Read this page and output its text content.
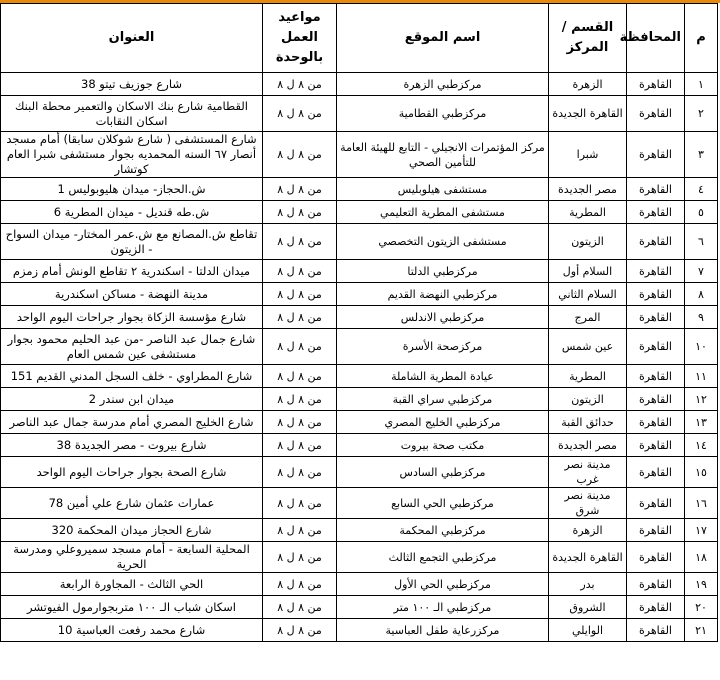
م	المحافظة	القسم / المركز	اسم الموقع	مواعيد العمل بالوحدة	العنوان
١	القاهرة	الزهرة	مركزطبي الزهرة	من ٨ ل ٨	شارع جوزيف تيتو 38
٢	القاهرة	القاهرة الجديدة	مركزطبي القطامية	من ٨ ل ٨	القطامية شارع بنك الاسكان والتعمير محطة البنك اسكان النقابات
٣	القاهرة	شبرا	مركز المؤتمرات الانجيلي - التابع للهيئة العامة للتأمين الصحي	من ٨ ل ٨	شارع المستشفى ( شارع شوكلان سابقا) أمام مسجد أنصار ٦٧ السنه المحمديه بجوار مستشفى شبرا العام كوتشار
٤	القاهرة	مصر الجديدة	مستشفى هيلوبليس	من ٨ ل ٨	ش.الحجاز- ميدان هليوبوليس 1
٥	القاهرة	المطرية	مستشفى المطرية التعليمي	من ٨ ل ٨	ش.طه قنديل - ميدان المطرية 6
٦	القاهرة	الزيتون	مستشفى الزيتون التخصصي	من ٨ ل ٨	تقاطع ش.المصانع مع ش.عمر المختار- ميدان السواح - الزيتون
٧	القاهرة	السلام أول	مركزطبي الدلتا	من ٨ ل ٨	ميدان الدلتا - اسكندرية ٢ تقاطع الونش أمام زمزم
٨	القاهرة	السلام الثاني	مركزطبي النهضة القديم	من ٨ ل ٨	مدينة النهضة - مساكن اسكندرية
٩	القاهرة	المرج	مركزطبي الاندلس	من ٨ ل ٨	شارع مؤسسة الزكاة بجوار جراحات اليوم الواحد
١٠	القاهرة	عين شمس	مركزصحة الأسرة	من ٨ ل ٨	شارع جمال عبد الناصر -من عبد الحليم محمود بجوار مستشفى عين شمس العام
١١	القاهرة	المطرية	عيادة المطرية الشاملة	من ٨ ل ٨	شارع المطراوي - خلف السجل المدني القديم 151
١٢	القاهرة	الزيتون	مركزطبي سراي القبة	من ٨ ل ٨	ميدان ابن سندر 2
١٣	القاهرة	حدائق القبة	مركزطبي الخليج المصري	من ٨ ل ٨	شارع الخليج المصري أمام مدرسة جمال عبد الناصر
١٤	القاهرة	مصر الجديدة	مكتب صحة بيروت	من ٨ ل ٨	شارع بيروت - مصر الجديدة 38
١٥	القاهرة	مدينة نصر غرب	مركزطبي السادس	من ٨ ل ٨	شارع الصحة بجوار جراحات اليوم الواحد
١٦	القاهرة	مدينة نصر شرق	مركزطبي الحي السابع	من ٨ ل ٨	عمارات عثمان شارع علي أمين 78
١٧	القاهرة	الزهرة	مركزطبي المحكمة	من ٨ ل ٨	شارع الحجاز ميدان المحكمة 320
١٨	القاهرة	القاهرة الجديدة	مركزطبي التجمع الثالث	من ٨ ل ٨	المحلية السابعة - أمام مسجد سميروعلي ومدرسة الحرية
١٩	القاهرة	بدر	مركزطبي الحي الأول	من ٨ ل ٨	الحي الثالث - المجاورة الرابعة
٢٠	القاهرة	الشروق	مركزطبي الـ ١٠٠ متر	من ٨ ل ٨	اسكان شباب الـ ١٠٠ متربجوارمول الفيوتشر
٢١	القاهرة	الوايلي	مركزرعاية طفل العباسية	من ٨ ل ٨	شارع محمد رفعت العباسية 10
